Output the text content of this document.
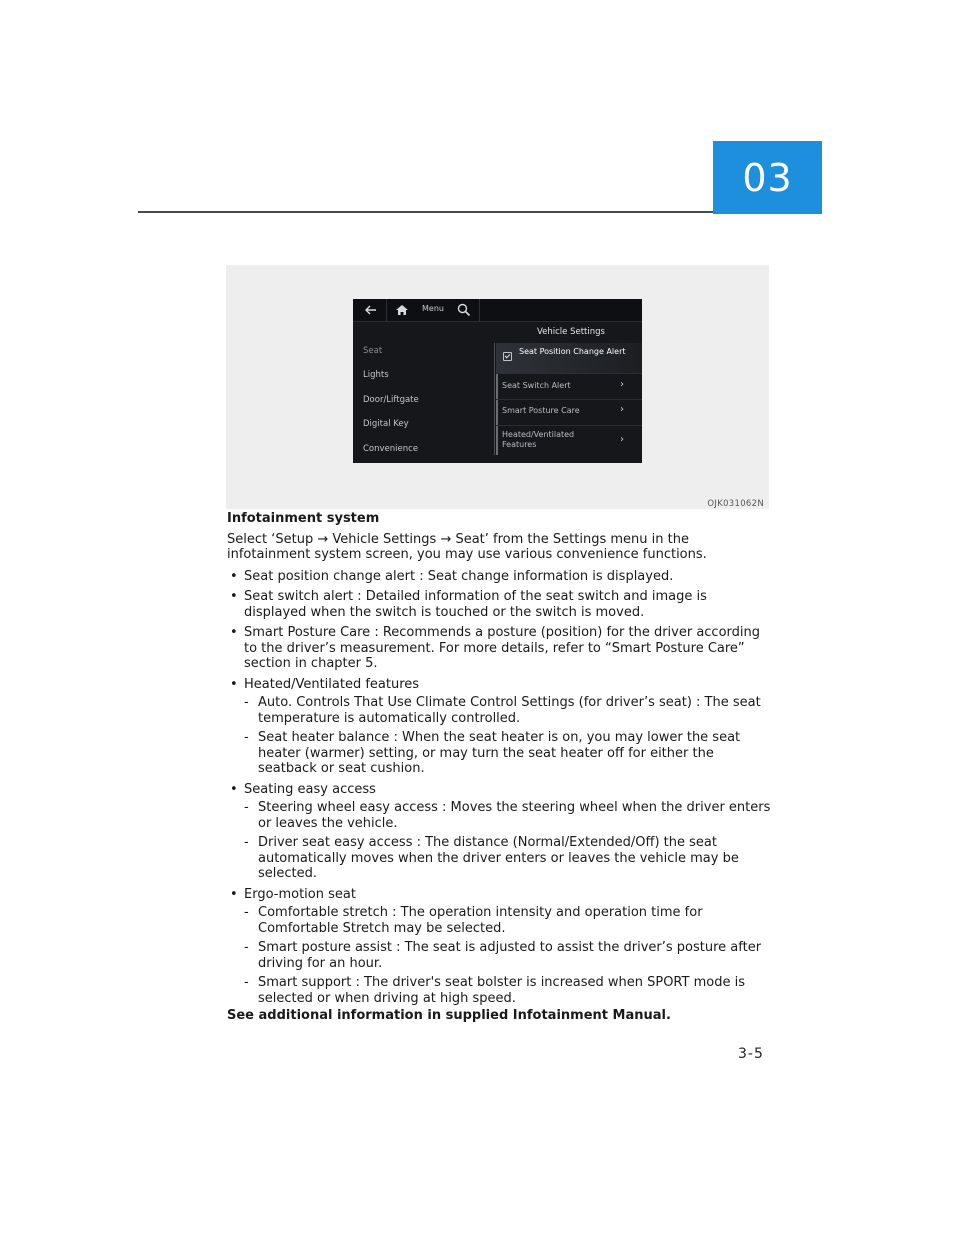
03
Menu
Vehicle Settings
Seat
Lights
Door/Liftgate
Digital Key
Convenience
Seat Position Change Alert
Seat Switch Alert	›
Smart Posture Care	›
Heated/Ventilated Features	›
OJK031062N
Infotainment system

Select ‘Setup → Vehicle Settings → Seat’ from the Settings menu in the infotainment system screen, you may use various convenience functions.

• Seat position change alert : Seat change information is displayed.
• Seat switch alert : Detailed information of the seat switch and image is displayed when the switch is touched or the switch is moved.
• Smart Posture Care : Recommends a posture (position) for the driver according to the driver’s measurement. For more details, refer to “Smart Posture Care” section in chapter 5.
• Heated/Ventilated features
- Auto. Controls That Use Climate Control Settings (for driver’s seat) : The seat temperature is automatically controlled.
- Seat heater balance : When the seat heater is on, you may lower the seat heater (warmer) setting, or may turn the seat heater off for either the seatback or seat cushion.
• Seating easy access
- Steering wheel easy access : Moves the steering wheel when the driver enters or leaves the vehicle.
- Driver seat easy access : The distance (Normal/Extended/Off) the seat automatically moves when the driver enters or leaves the vehicle may be selected.
• Ergo-motion seat
- Comfortable stretch : The operation intensity and operation time for Comfortable Stretch may be selected.
- Smart posture assist : The seat is adjusted to assist the driver’s posture after driving for an hour.
- Smart support : The driver's seat bolster is increased when SPORT mode is selected or when driving at high speed.
See additional information in supplied Infotainment Manual.
3-5
